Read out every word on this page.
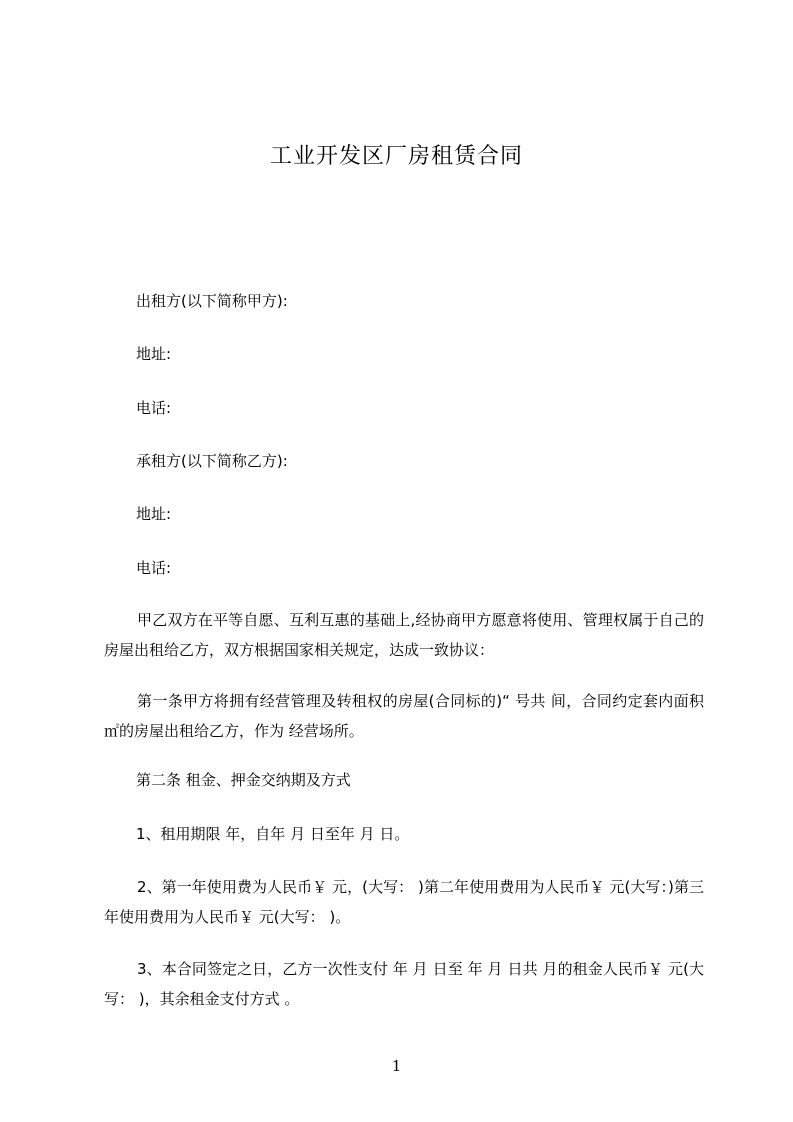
工业开发区厂房租赁合同
出租方(以下简称甲方):
地址:
电话:
承租方(以下简称乙方):
地址:
电话:

甲乙双方在平等自愿、互利互惠的基础上,经协商甲方愿意将使用、管理权属于自己的房屋出租给乙方，双方根据国家相关规定，达成一致协议：

第一条甲方将拥有经营管理及转租权的房屋(合同标的)“ 号共 间，合同约定套内面积 ㎡的房屋出租给乙方，作为 经营场所。

第二条 租金、押金交纳期及方式
1、租用期限 年，自年 月 日至年 月 日。

2、第一年使用费为人民币￥ 元，(大写： )第二年使用费用为人民币￥ 元(大写：)第三年使用费用为人民币￥ 元(大写： )。

3、本合同签定之日，乙方一次性支付 年 月 日至 年 月 日共 月的租金人民币￥ 元(大写： )，其余租金支付方式 。

1
